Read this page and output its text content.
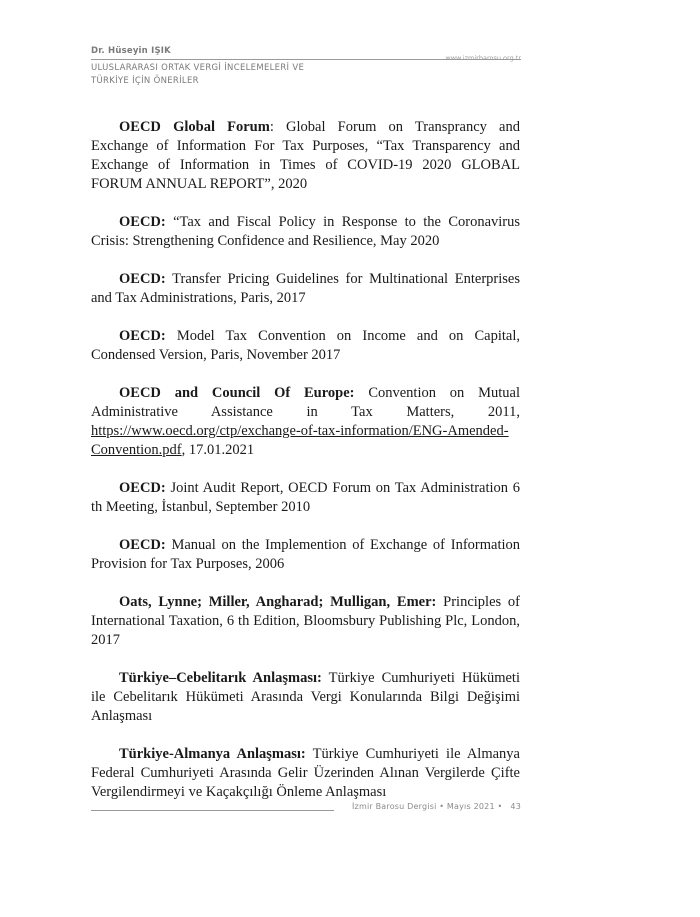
Dr. Hüseyin IŞIK
www.izmirbarosu.org.tr
ULUSLARARASI ORTAK VERGİ İNCELEMELERİ VE
TÜRKİYE İÇİN ÖNERİLER

OECD Global Forum: Global Forum on Transprancy and Exchange of Information For Tax Purposes, “Tax Transparency and Exchange of Information in Times of COVID-19 2020 GLOBAL FORUM ANNUAL REPORT”, 2020

OECD: “Tax and Fiscal Policy in Response to the Coronavirus Crisis: Strengthening Confidence and Resilience, May 2020

OECD: Transfer Pricing Guidelines for Multinational Enterprises and Tax Administrations, Paris, 2017

OECD: Model Tax Convention on Income and on Capital, Condensed Version, Paris, November 2017

OECD and Council Of Europe: Convention on Mutual Administrative Assistance in Tax Matters, 2011, https://www.oecd.org/ctp/exchange-of-tax-information/ENG-Amended-Convention.pdf, 17.01.2021

OECD: Joint Audit Report, OECD Forum on Tax Administration 6 th Meeting, İstanbul, September 2010

OECD: Manual on the Implemention of Exchange of Information Provision for Tax Purposes, 2006

Oats, Lynne; Miller, Angharad; Mulligan, Emer: Principles of International Taxation, 6 th Edition, Bloomsbury Publishing Plc, London, 2017

Türkiye–Cebelitarık Anlaşması: Türkiye Cumhuriyeti Hükümeti ile Cebelitarık Hükümeti Arasında Vergi Konularında Bilgi Değişimi Anlaşması

Türkiye-Almanya Anlaşması: Türkiye Cumhuriyeti ile Almanya Federal Cumhuriyeti Arasında Gelir Üzerinden Alınan Vergilerde Çifte Vergilendirmeyi ve Kaçakçılığı Önleme Anlaşması

İzmir Barosu Dergisi • Mayıs 2021 • 43
